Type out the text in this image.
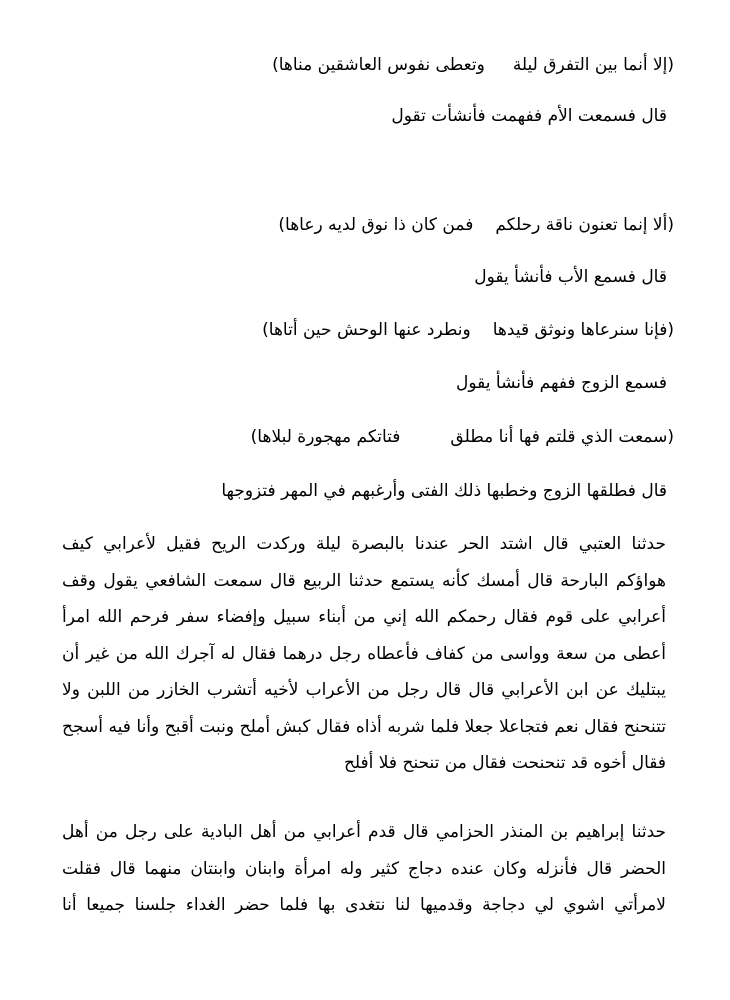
(إلا أنما بين التفرق ليلةوتعطى نفوس العاشقين مناها)
قال فسمعت الأم ففهمت فأنشأت تقول
(ألا إنما تعنون ناقة رحلكمفمن كان ذا نوق لديه رعاها)
قال فسمع الأب فأنشأ يقول
(فإنا سنرعاها ونوثق قيدهاونطرد عنها الوحش حين أتاها)
فسمع الزوج ففهم فأنشأ يقول
(سمعت الذي قلتم فها أنا مطلقفتاتكم مهجورة لبلاها)
قال فطلقها الزوج وخطبها ذلك الفتى وأرغبهم في المهر فتزوجها
حدثنا العتبي قال اشتد الحر عندنا بالبصرة ليلة وركدت الريح فقيل لأعرابي كيف
هواؤكم البارحة قال أمسك كأنه يستمع حدثنا الربيع قال سمعت الشافعي يقول وقف
أعرابي على قوم فقال رحمكم الله إني من أبناء سبيل وإفضاء سفر فرحم الله امرأ
أعطى من سعة وواسى من كفاف فأعطاه رجل درهما فقال له آجرك الله من غير أن
يبتليك عن ابن الأعرابي قال قال رجل من الأعراب لأخيه أتشرب الخازر من اللبن ولا
تتنحنح فقال نعم فتجاعلا جعلا فلما شربه أذاه فقال كبش أملح ونبت أقبح وأنا فيه أسجح
فقال أخوه قد تنحنحت فقال من تنحنح فلا أفلح
حدثنا إبراهيم بن المنذر الحزامي قال قدم أعرابي من أهل البادية على رجل من أهل
الحضر قال فأنزله وكان عنده دجاج كثير وله امرأة وابنان وابنتان منهما قال فقلت
لامرأتي اشوي لي دجاجة وقدميها لنا نتغدى بها فلما حضر الغداء جلسنا جميعا أنا
